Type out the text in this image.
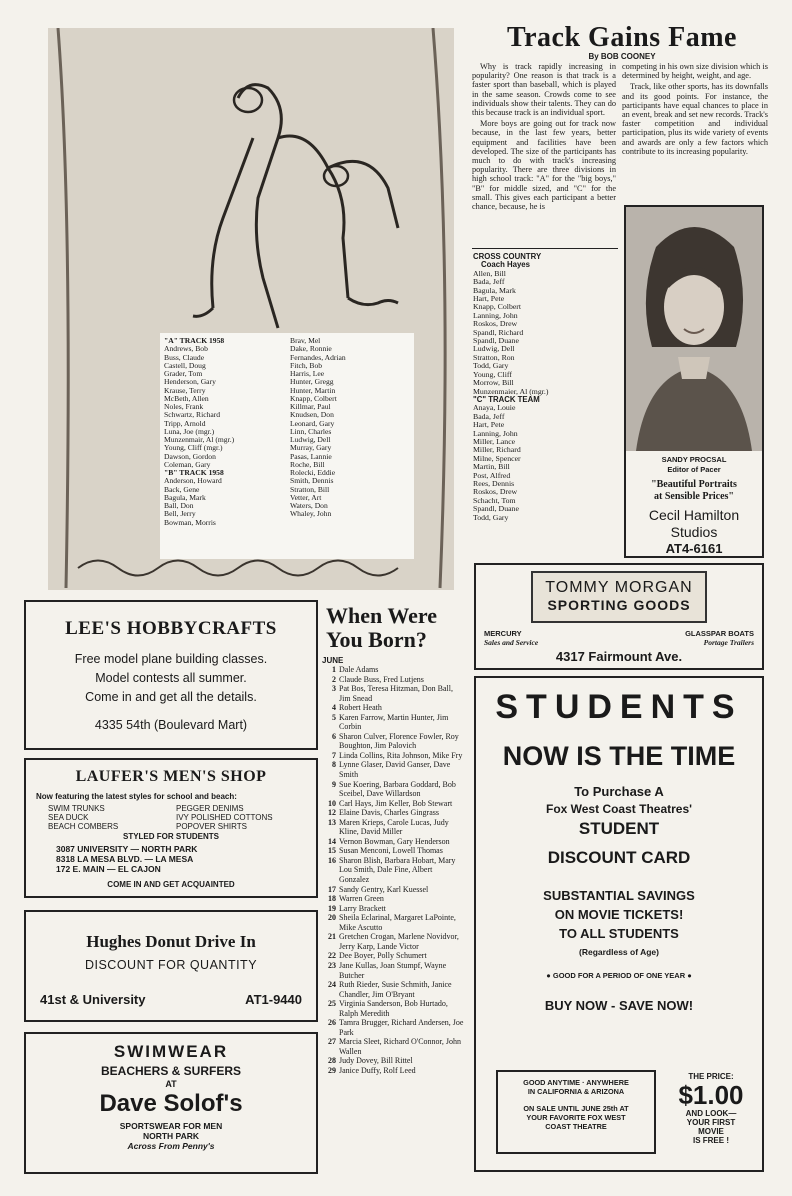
"A" TRACK 1958
Andrews, Bob
Buss, Claude
Castell, Doug
Grader, Tom
Henderson, Gary
Krause, Terry
McBeth, Allen
Noles, Frank
Schwartz, Richard
Tripp, Arnold
Luna, Joe (mgr.)
Munzenmair, Al (mgr.)
Young, Cliff (mgr.)
Dawson, Gordon
Coleman, Gary
"B" TRACK 1958
Anderson, Howard
Back, Gene
Bagula, Mark
Ball, Don
Bell, Jerry
Bowman, Morris
Brav, Mel
Dake, Ronnie
Fernandes, Adrian
Fitch, Bob
Harris, Lee
Hunter, Gregg
Hunter, Martin
Knapp, Colbert
Killmar, Paul
Knudsen, Don
Leonard, Gary
Linn, Charles
Ludwig, Dell
Murray, Gary
Pasas, Lannie
Roche, Bill
Rolecki, Eddie
Smith, Dennis
Stratton, Bill
Vetter, Art
Waters, Don
Whaley, John
Track Gains Fame
By BOB COONEY

Why is track rapidly increasing in popularity? One reason is that track is a faster sport than baseball, which is played in the same season. Crowds come to see individuals show their talents. They can do this because track is an individual sport.

More boys are going out for track now because, in the last few years, better equipment and facilities have been developed. The size of the participants has much to do with track's increasing popularity. There are three divisions in high school track: "A" for the "big boys," "B" for middle sized, and "C" for the small. This gives each participant a better chance, because, he is

competing in his own size division which is determined by height, weight, and age.

Track, like other sports, has its downfalls and its good points. For instance, the participants have equal chances to place in an event, break and set new records. Track's faster competition and individual participation, plus its wide variety of events and awards are only a few factors which contribute to its increasing popularity.

CROSS COUNTRY
Coach Hayes
Allen, Bill
Bada, Jeff
Bagula, Mark
Hart, Pete
Knapp, Colbert
Lanning, John
Roskos, Drew
Spandl, Richard
Spandl, Duane
Ludwig, Dell
Stratton, Ron
Todd, Gary
Young, Cliff
Morrow, Bill
Munzenmaier, Al (mgr.)
"C" TRACK TEAM
Anaya, Louie
Bada, Jeff
Hart, Pete
Lanning, John
Miller, Lance
Miller, Richard
Milne, Spencer
Martin, Bill
Post, Alfred
Rees, Dennis
Roskos, Drew
Schacht, Tom
Spandl, Duane
Todd, Gary
SANDY PROCSAL
Editor of Pacer
"Beautiful Portraits
at Sensible Prices"
Cecil Hamilton
Studios
AT4-6161
TOMMY MORGAN
SPORTING GOODS
MERCURY
Sales and Service
GLASSPAR BOATS
Portage Trailers
4317 Fairmount Ave.
LEE'S HOBBYCRAFTS
Free model plane building classes.
Model contests all summer.
Come in and get all the details.
4335 54th (Boulevard Mart)
LAUFER'S MEN'S SHOP
Now featuring the latest styles for school and beach:
SWIM TRUNKS
SEA DUCK
BEACH COMBERS
PEGGER DENIMS
IVY POLISHED COTTONS
POPOVER SHIRTS
STYLED FOR STUDENTS
3087 UNIVERSITY — NORTH PARK
8318 LA MESA BLVD. — LA MESA
172 E. MAIN — EL CAJON
COME IN AND GET ACQUAINTED
Hughes Donut Drive In
DISCOUNT FOR QUANTITY
41st & University	AT1-9440
SWIMWEAR
BEACHERS & SURFERS
AT
Dave Solof's
SPORTSWEAR FOR MEN
NORTH PARK
Across From Penny's
When Were
You Born?
JUNE
1 Dale Adams
2 Claude Buss, Fred Lutjens
3 Pat Bos, Teresa Hitzman, Don Ball, Jim Snead
4 Robert Heath
5 Karen Farrow, Martin Hunter, Jim Corbin
6 Sharon Culver, Florence Fowler, Roy Boughton, Jim Palovich
7 Linda Collins, Rita Johnson, Mike Fry
8 Lynne Glaser, David Ganser, Dave Smith
9 Sue Koering, Barbara Goddard, Bob Sceibel, Dave Willardson
10 Carl Hays, Jim Keller, Bob Stewart
12 Elaine Davis, Charles Gingrass
13 Maren Krieps, Carole Lucas, Judy Kline, David Miller
14 Vernon Bowman, Gary Henderson
15 Susan Menconi, Lowell Thomas
16 Sharon Blish, Barbara Hobart, Mary Lou Smith, Dale Fine, Albert Gonzalez
17 Sandy Gentry, Karl Kuessel
18 Warren Green
19 Larry Brackett
20 Sheila Eclarinal, Margaret LaPointe, Mike Ascutto
21 Gretchen Crogan, Marlene Novidvor, Jerry Karp, Lande Victor
22 Dee Boyer, Polly Schumert
23 Jane Kullas, Joan Stumpf, Wayne Butcher
24 Ruth Rieder, Susie Schmith, Janice Chandler, Jim O'Bryant
25 Virginia Sanderson, Bob Hurtado, Ralph Meredith
26 Tamra Brugger, Richard Andersen, Joe Park
27 Marcia Sleet, Richard O'Connor, John Wallen
28 Judy Dovey, Bill Rittel
29 Janice Duffy, Rolf Leed
STUDENTS
NOW IS THE TIME
To Purchase A
Fox West Coast Theatres'
STUDENT
DISCOUNT CARD
SUBSTANTIAL SAVINGS
ON MOVIE TICKETS!
TO ALL STUDENTS
(Regardless of Age)
● GOOD FOR A PERIOD OF ONE YEAR ●
BUY NOW - SAVE NOW!
GOOD ANYTIME · ANYWHERE
IN CALIFORNIA & ARIZONA
ON SALE UNTIL JUNE 25th AT
YOUR FAVORITE FOX WEST
COAST THEATRE
THE PRICE:
$1.00
AND LOOK—
YOUR FIRST
MOVIE
IS FREE !
